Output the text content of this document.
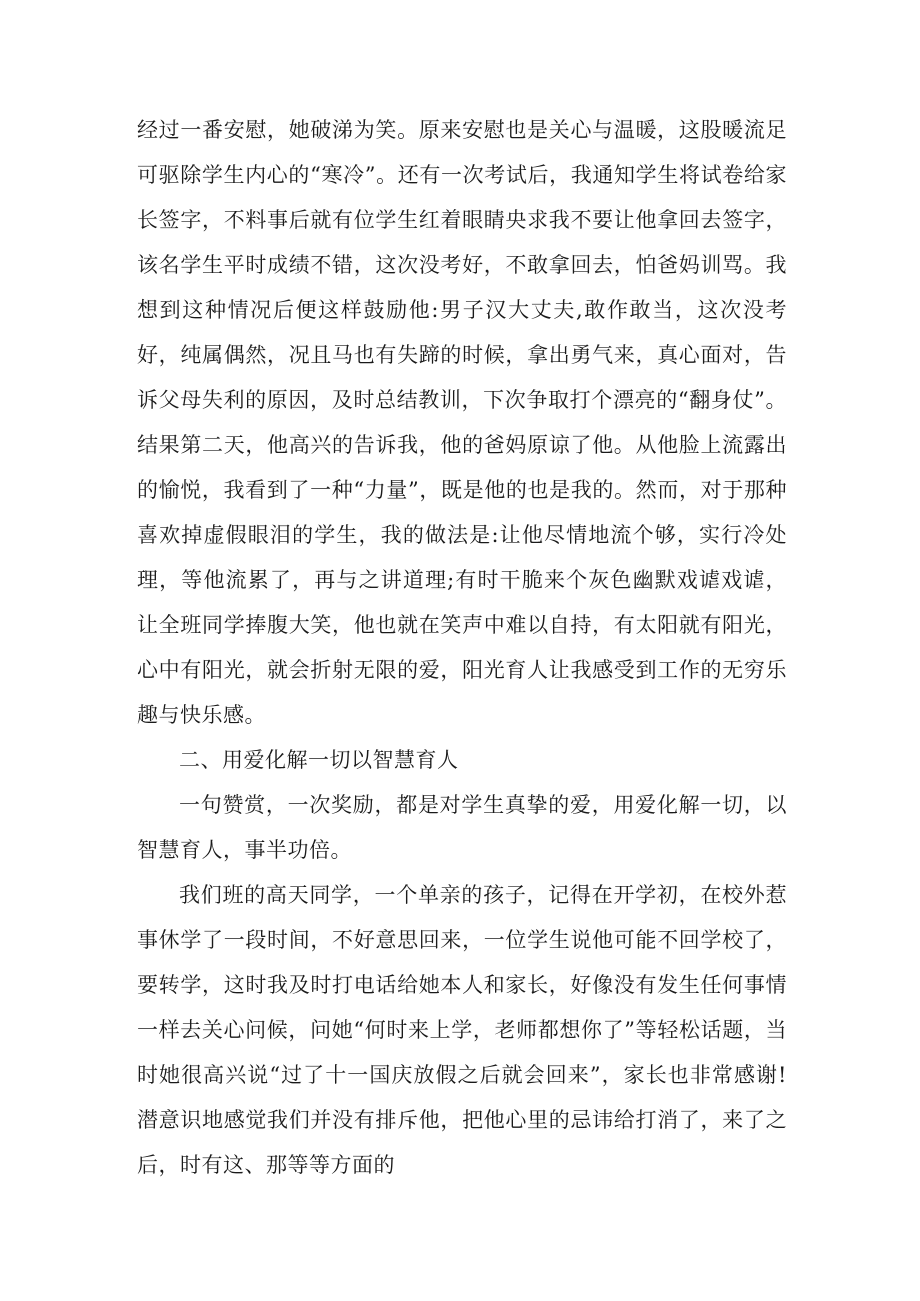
经过一番安慰，她破涕为笑。原来安慰也是关心与温暖，这股暖流足可驱除学生内心的“寒冷”。还有一次考试后，我通知学生将试卷给家长签字，不料事后就有位学生红着眼睛央求我不要让他拿回去签字，该名学生平时成绩不错，这次没考好，不敢拿回去，怕爸妈训骂。我想到这种情况后便这样鼓励他:男子汉大丈夫,敢作敢当，这次没考好，纯属偶然，况且马也有失蹄的时候，拿出勇气来，真心面对，告诉父母失利的原因，及时总结教训，下次争取打个漂亮的“翻身仗”。结果第二天，他高兴的告诉我，他的爸妈原谅了他。从他脸上流露出的愉悦，我看到了一种“力量”，既是他的也是我的。然而，对于那种喜欢掉虚假眼泪的学生，我的做法是:让他尽情地流个够，实行冷处理，等他流累了，再与之讲道理;有时干脆来个灰色幽默戏谑戏谑，让全班同学捧腹大笑，他也就在笑声中难以自持，有太阳就有阳光，心中有阳光，就会折射无限的爱，阳光育人让我感受到工作的无穷乐趣与快乐感。

二、用爱化解一切以智慧育人

一句赞赏，一次奖励，都是对学生真挚的爱，用爱化解一切，以智慧育人，事半功倍。

我们班的高天同学，一个单亲的孩子，记得在开学初，在校外惹事休学了一段时间，不好意思回来，一位学生说他可能不回学校了，要转学，这时我及时打电话给她本人和家长，好像没有发生任何事情一样去关心问候，问她“何时来上学，老师都想你了”等轻松话题，当时她很高兴说“过了十一国庆放假之后就会回来”，家长也非常感谢!潜意识地感觉我们并没有排斥他，把他心里的忌讳给打消了，来了之后，时有这、那等等方面的
